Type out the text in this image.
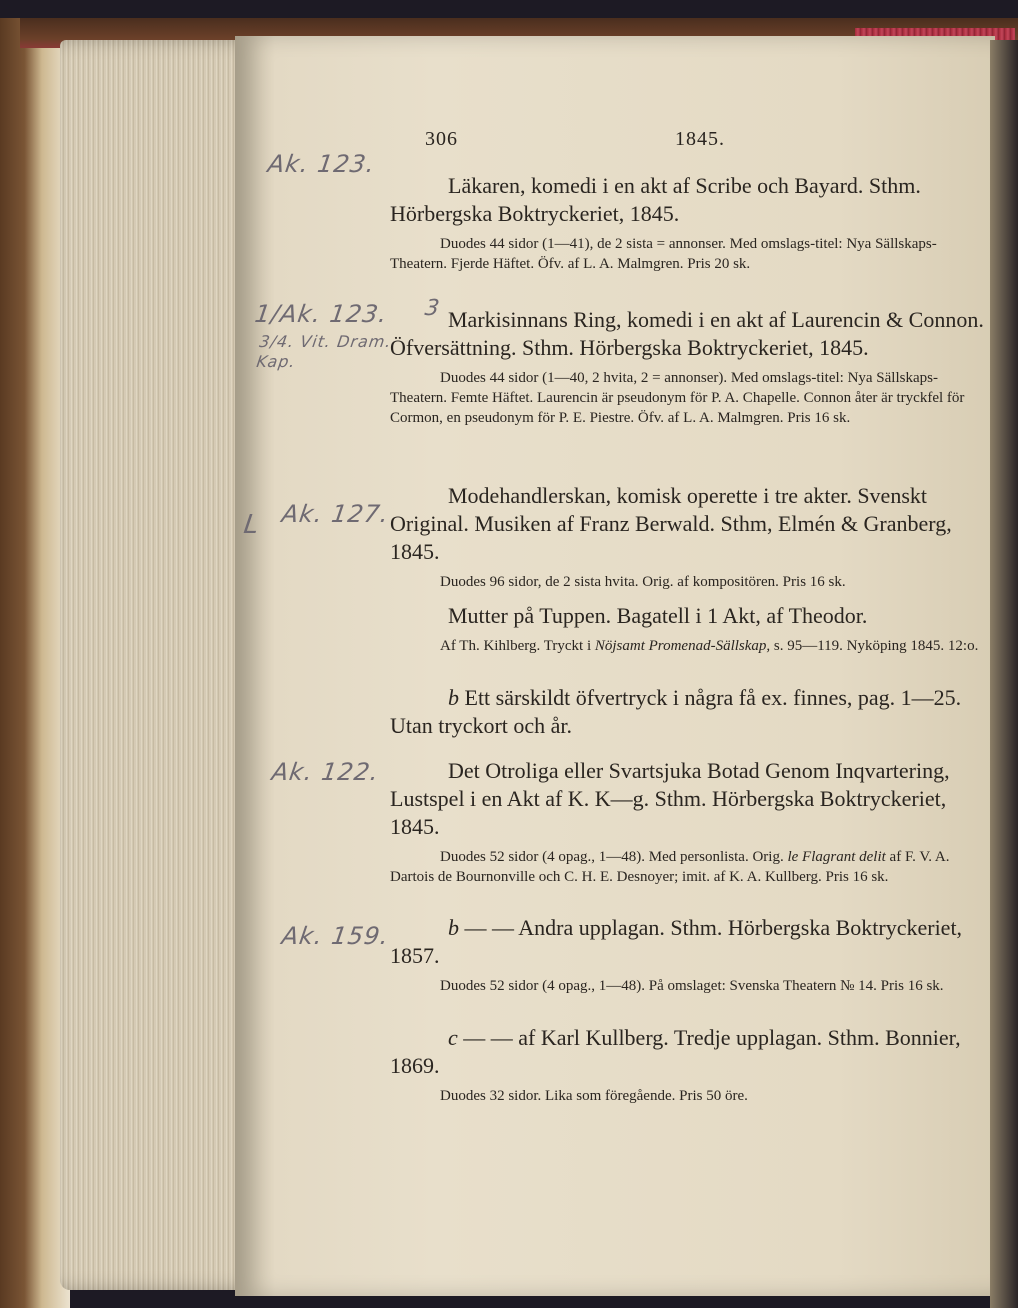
306	1845.
Ak. 123.
1/Ak. 123.
3/4. Vit. Dram. Kap.
3
Ak. 127.
L
Ak. 122.
Ak. 159.

Läkaren, komedi i en akt af Scribe och Bayard. Sthm. Hörbergska Boktryckeriet, 1845.

Duodes 44 sidor (1—41), de 2 sista = annonser. Med omslags-titel: Nya Sällskaps-Theatern. Fjerde Häftet. Öfv. af L. A. Malmgren. Pris 20 sk.

Markisinnans Ring, komedi i en akt af Laurencin & Connon. Öfversättning. Sthm. Hörbergska Boktryckeriet, 1845.

Duodes 44 sidor (1—40, 2 hvita, 2 = annonser). Med omslags-titel: Nya Sällskaps-Theatern. Femte Häftet. Laurencin är pseudonym för P. A. Chapelle. Connon åter är tryckfel för Cormon, en pseudonym för P. E. Piestre. Öfv. af L. A. Malmgren. Pris 16 sk.

Modehandlerskan, komisk operette i tre akter. Svenskt Original. Musiken af Franz Berwald. Sthm, Elmén & Granberg, 1845.

Duodes 96 sidor, de 2 sista hvita. Orig. af kompositören. Pris 16 sk.

Mutter på Tuppen. Bagatell i 1 Akt, af Theodor.

Af Th. Kihlberg. Tryckt i Nöjsamt Promenad-Sällskap, s. 95—119. Nyköping 1845. 12:o.

b Ett särskildt öfvertryck i några få ex. finnes, pag. 1—25. Utan tryckort och år.

Det Otroliga eller Svartsjuka Botad Genom Inqvartering, Lustspel i en Akt af K. K—g. Sthm. Hörbergska Boktryckeriet, 1845.

Duodes 52 sidor (4 opag., 1—48). Med personlista. Orig. le Flagrant delit af F. V. A. Dartois de Bournonville och C. H. E. Desnoyer; imit. af K. A. Kullberg. Pris 16 sk.

b — — Andra upplagan. Sthm. Hörbergska Boktryckeriet, 1857.

Duodes 52 sidor (4 opag., 1—48). På omslaget: Svenska Theatern № 14. Pris 16 sk.

c — — af Karl Kullberg. Tredje upplagan. Sthm. Bonnier, 1869.

Duodes 32 sidor. Lika som föregående. Pris 50 öre.
